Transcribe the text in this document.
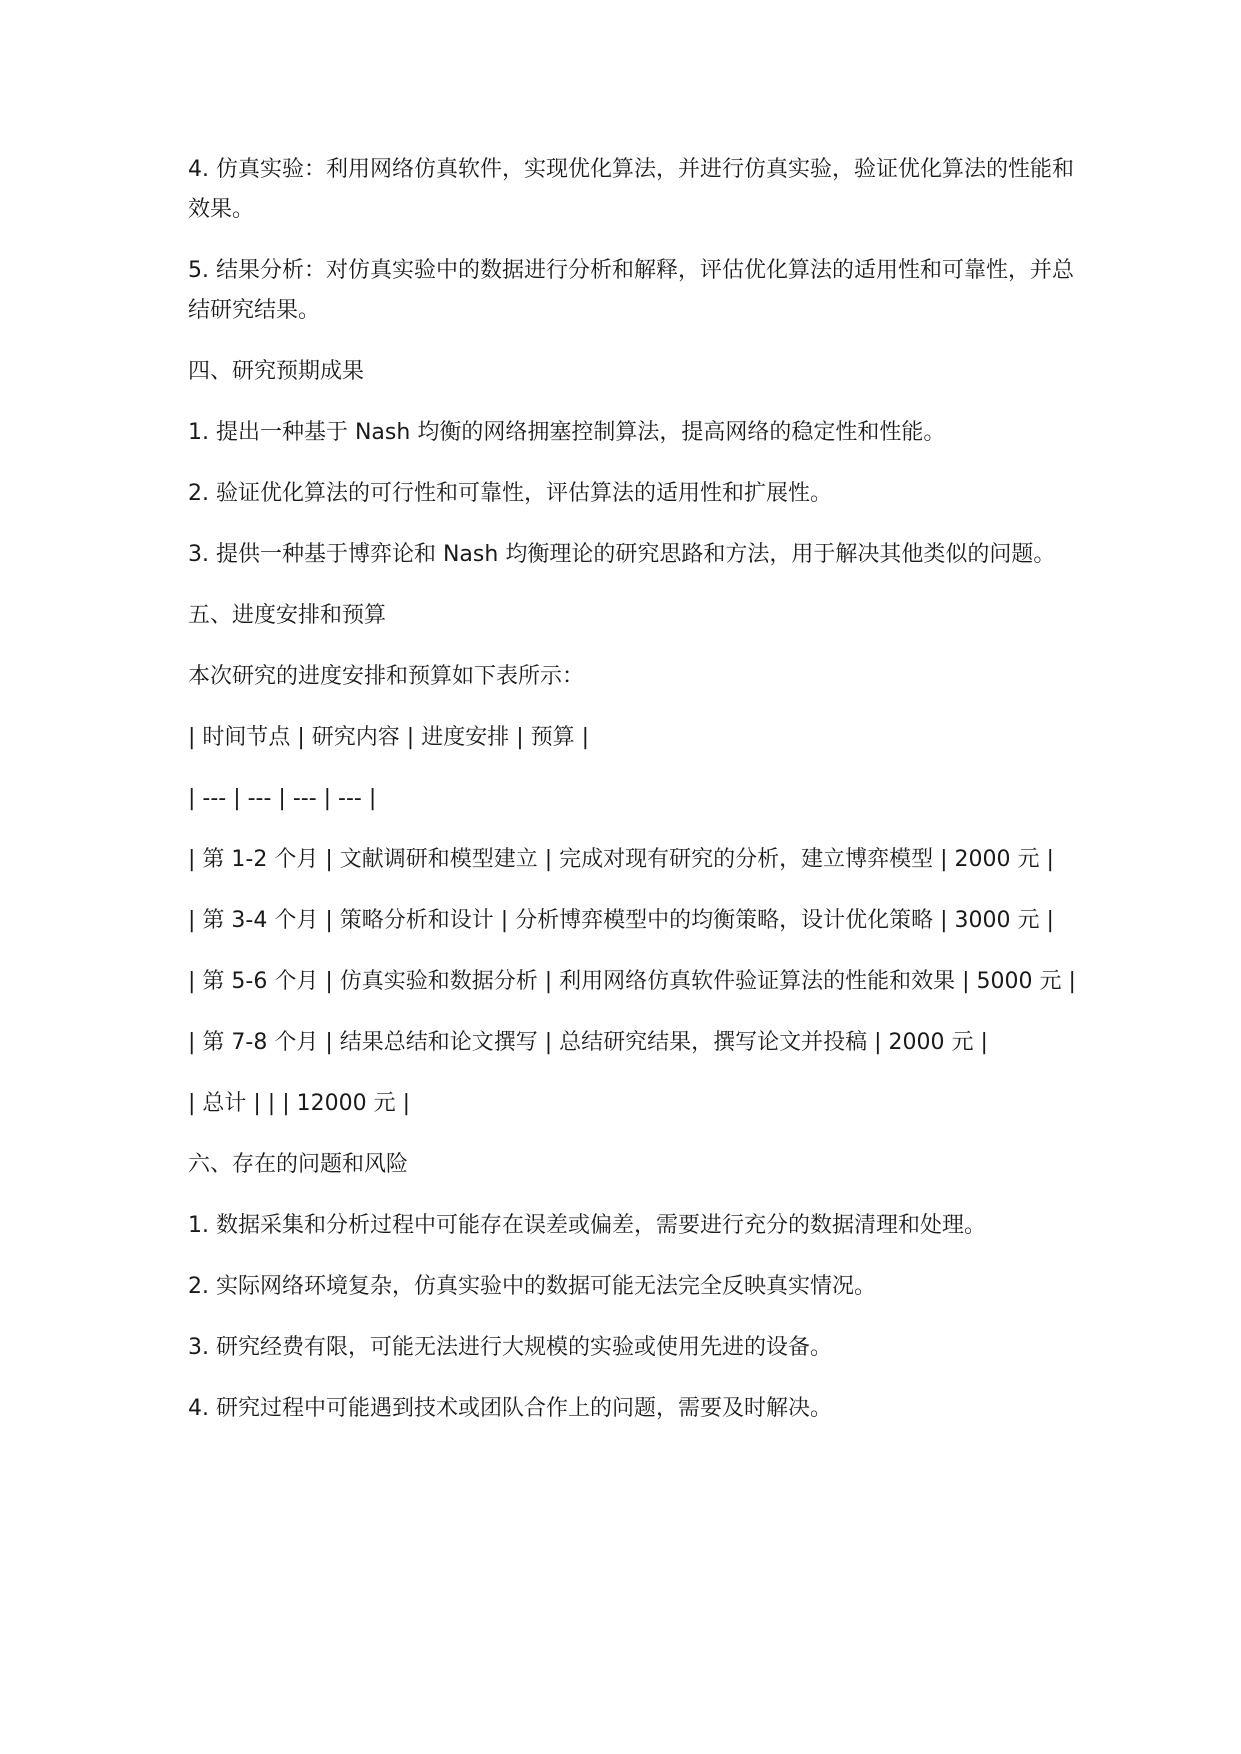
4. 仿真实验：利用网络仿真软件，实现优化算法，并进行仿真实验，验证优化算法的性能和效果。

5. 结果分析：对仿真实验中的数据进行分析和解释，评估优化算法的适用性和可靠性，并总结研究结果。

四、研究预期成果

1. 提出一种基于 Nash 均衡的网络拥塞控制算法，提高网络的稳定性和性能。

2. 验证优化算法的可行性和可靠性，评估算法的适用性和扩展性。

3. 提供一种基于博弈论和 Nash 均衡理论的研究思路和方法，用于解决其他类似的问题。

五、进度安排和预算

本次研究的进度安排和预算如下表所示：

| 时间节点 | 研究内容 | 进度安排 | 预算 |

| --- | --- | --- | --- |

| 第 1-2 个月 | 文献调研和模型建立 | 完成对现有研究的分析，建立博弈模型 | 2000 元 |

| 第 3-4 个月 | 策略分析和设计 | 分析博弈模型中的均衡策略，设计优化策略 | 3000 元 |

| 第 5-6 个月 | 仿真实验和数据分析 | 利用网络仿真软件验证算法的性能和效果 | 5000 元 |

| 第 7-8 个月 | 结果总结和论文撰写 | 总结研究结果，撰写论文并投稿 | 2000 元 |

| 总计 | | | 12000 元 |

六、存在的问题和风险

1. 数据采集和分析过程中可能存在误差或偏差，需要进行充分的数据清理和处理。

2. 实际网络环境复杂，仿真实验中的数据可能无法完全反映真实情况。

3. 研究经费有限，可能无法进行大规模的实验或使用先进的设备。

4. 研究过程中可能遇到技术或团队合作上的问题，需要及时解决。
